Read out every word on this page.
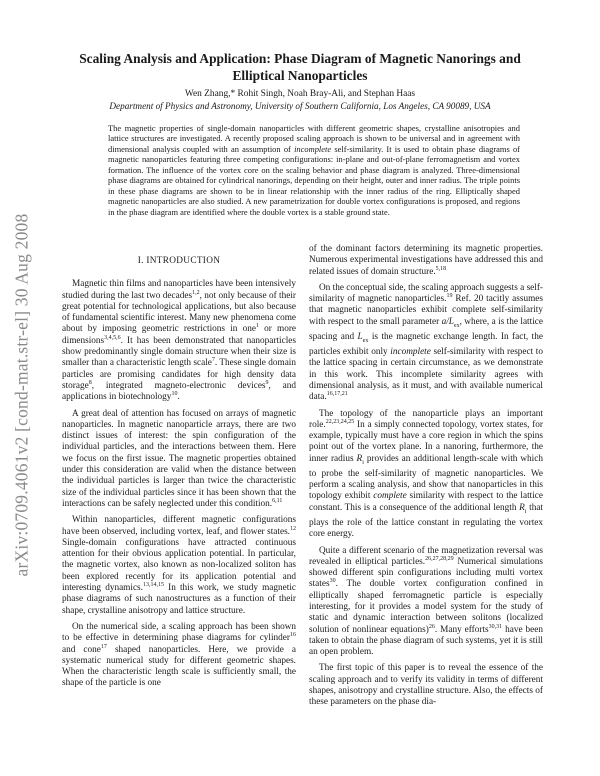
arXiv:0709.4061v2 [cond-mat.str-el] 30 Aug 2008
Scaling Analysis and Application: Phase Diagram of Magnetic Nanorings and Elliptical Nanoparticles
Wen Zhang,* Rohit Singh, Noah Bray-Ali, and Stephan Haas
Department of Physics and Astronomy, University of Southern California, Los Angeles, CA 90089, USA
The magnetic properties of single-domain nanoparticles with different geometric shapes, crystalline anisotropies and lattice structures are investigated. A recently proposed scaling approach is shown to be universal and in agreement with dimensional analysis coupled with an assumption of incomplete self-similarity. It is used to obtain phase diagrams of magnetic nanoparticles featuring three competing configurations: in-plane and out-of-plane ferromagnetism and vortex formation. The influence of the vortex core on the scaling behavior and phase diagram is analyzed. Three-dimensional phase diagrams are obtained for cylindrical nanorings, depending on their height, outer and inner radius. The triple points in these phase diagrams are shown to be in linear relationship with the inner radius of the ring. Elliptically shaped magnetic nanoparticles are also studied. A new parametrization for double vortex configurations is proposed, and regions in the phase diagram are identified where the double vortex is a stable ground state.
I. INTRODUCTION

Magnetic thin films and nanoparticles have been intensively studied during the last two decades$^{1,2}$, not only because of their great potential for technological applications, but also because of fundamental scientific interest. Many new phenomena come about by imposing geometric restrictions in one$^1$ or more dimensions$^{3,4,5,6}$. It has been demonstrated that nanoparticles show predominantly single domain structure when their size is smaller than a characteristic length scale$^7$. These single domain particles are promising candidates for high density data storage$^8$, integrated magneto-electronic devices$^9$, and applications in biotechnology$^{10}$.

A great deal of attention has focused on arrays of magnetic nanoparticles. In magnetic nanoparticle arrays, there are two distinct issues of interest: the spin configuration of the individual particles, and the interactions between them. Here we focus on the first issue. The magnetic properties obtained under this consideration are valid when the distance between the individual particles is larger than twice the characteristic size of the individual particles since it has been shown that the interactions can be safely neglected under this condition.$^{6,11}$

Within nanoparticles, different magnetic configurations have been observed, including vortex, leaf, and flower states.$^{12}$ Single-domain configurations have attracted continuous attention for their obvious application potential. In particular, the magnetic vortex, also known as non-localized soliton has been explored recently for its application potential and interesting dynamics.$^{13,14,15}$ In this work, we study magnetic phase diagrams of such nanostructures as a function of their shape, crystalline anisotropy and lattice structure.

On the numerical side, a scaling approach has been shown to be effective in determining phase diagrams for cylinder$^{16}$ and cone$^{17}$ shaped nanoparticles. Here, we provide a systematic numerical study for different geometric shapes. When the characteristic length scale is sufficiently small, the shape of the particle is one

of the dominant factors determining its magnetic properties. Numerous experimental investigations have addressed this and related issues of domain structure.$^{5,18}$

On the conceptual side, the scaling approach suggests a self-similarity of magnetic nanoparticles.$^{19}$ Ref. 20 tacitly assumes that magnetic nanoparticles exhibit complete self-similarity with respect to the small parameter $a/L_{ex}$, where, a is the lattice spacing and $L_{ex}$ is the magnetic exchange length. In fact, the particles exhibit only incomplete self-similarity with respect to the lattice spacing in certain circumstance, as we demonstrate in this work. This incomplete similarity agrees with dimensional analysis, as it must, and with available numerical data.$^{16,17,21}$

The topology of the nanoparticle plays an important role.$^{22,23,24,25}$ In a simply connected topology, vortex states, for example, typically must have a core region in which the spins point out of the vortex plane. In a nanoring, furthermore, the inner radius $R_i$ provides an additional length-scale with which to probe the self-similarity of magnetic nanoparticles. We perform a scaling analysis, and show that nanoparticles in this topology exhibit complete similarity with respect to the lattice constant. This is a consequence of the additional length $R_i$ that plays the role of the lattice constant in regulating the vortex core energy.

Quite a different scenario of the magnetization reversal was revealed in elliptical particles.$^{26,27,28,29}$ Numerical simulations showed different spin configurations including multi vortex states$^{30}$. The double vortex configuration confined in elliptically shaped ferromagnetic particle is especially interesting, for it provides a model system for the study of static and dynamic interaction between solitons (localized solution of nonlinear equations)$^{26}$. Many efforts$^{30,31}$ have been taken to obtain the phase diagram of such systems, yet it is still an open problem.

The first topic of this paper is to reveal the essence of the scaling approach and to verify its validity in terms of different shapes, anisotropy and crystalline structure. Also, the effects of these parameters on the phase dia-
